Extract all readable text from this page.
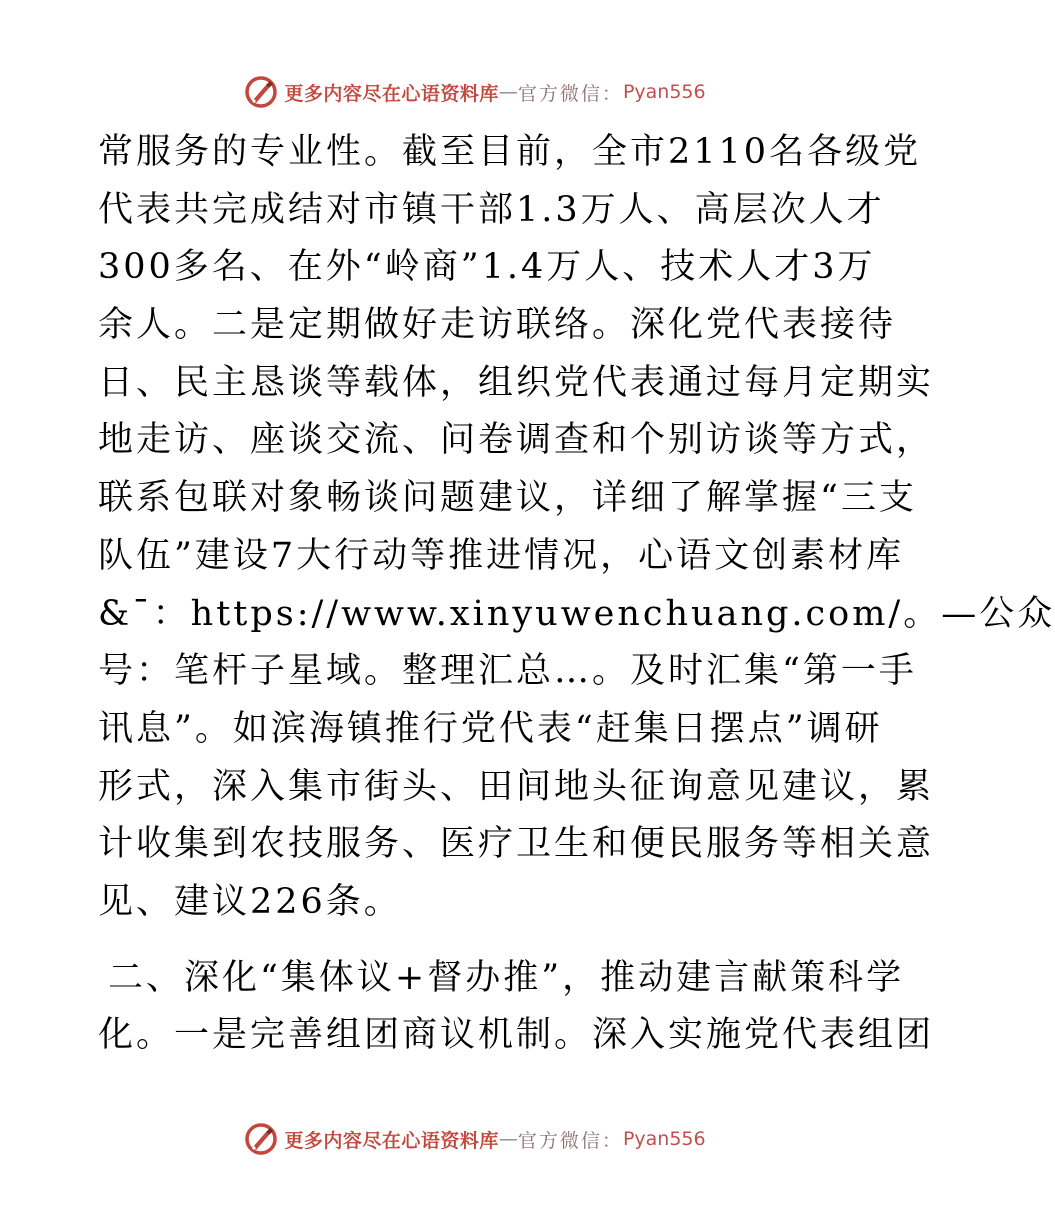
更多内容尽在心语资料库 — 官方微信： Pyan556
常服务的专业性。截至目前，全市2110名各级党
代表共完成结对市镇干部1.3万人、高层次人才
300多名、在外“岭商”1.4万人、技术人才3万
余人。二是定期做好走访联络。深化党代表接待
日、民主恳谈等载体，组织党代表通过每月定期实
地走访、座谈交流、问卷调查和个别访谈等方式，
联系包联对象畅谈问题建议，详细了解掌握“三支
队伍”建设7大行动等推进情况，心语文创素材库
&¯：https://www.xinyuwenchuang.com/。—公众
号：笔杆子星域。整理汇总…。及时汇集“第一手
讯息”。如滨海镇推行党代表“赶集日摆点”调研
形式，深入集市街头、田间地头征询意见建议，累
计收集到农技服务、医疗卫生和便民服务等相关意
见、建议226条。
二、深化“集体议+督办推”，推动建言献策科学
化。一是完善组团商议机制。深入实施党代表组团
更多内容尽在心语资料库 — 官方微信： Pyan556
